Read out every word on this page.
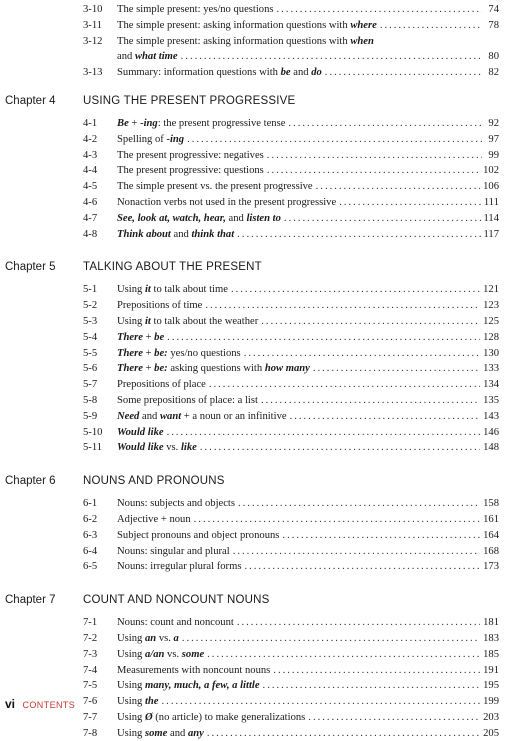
3-10	The simple present: yes/no questions .....	74
3-11	The simple present: asking information questions with where .....	78
3-12	The simple present: asking information questions with when
and what time .....	80
3-13	Summary: information questions with be and do .....	82
Chapter 4 USING THE PRESENT PROGRESSIVE
4-1	Be + -ing: the present progressive tense .....	92
4-2	Spelling of -ing .....	97
4-3	The present progressive: negatives .....	99
4-4	The present progressive: questions .....	102
4-5	The simple present vs. the present progressive .....	106
4-6	Nonaction verbs not used in the present progressive .....	111
4-7	See, look at, watch, hear, and listen to .....	114
4-8	Think about and think that .....	117
Chapter 5 TALKING ABOUT THE PRESENT
5-1	Using it to talk about time .....	121
5-2	Prepositions of time .....	123
5-3	Using it to talk about the weather .....	125
5-4	There + be .....	128
5-5	There + be: yes/no questions .....	130
5-6	There + be: asking questions with how many .....	133
5-7	Prepositions of place .....	134
5-8	Some prepositions of place: a list .....	135
5-9	Need and want + a noun or an infinitive .....	143
5-10	Would like .....	146
5-11	Would like vs. like .....	148
Chapter 6 NOUNS AND PRONOUNS
6-1	Nouns: subjects and objects .....	158
6-2	Adjective + noun .....	161
6-3	Subject pronouns and object pronouns .....	164
6-4	Nouns: singular and plural .....	168
6-5	Nouns: irregular plural forms .....	173
Chapter 7 COUNT AND NONCOUNT NOUNS
7-1	Nouns: count and noncount .....	181
7-2	Using an vs. a .....	183
7-3	Using a/an vs. some .....	185
7-4	Measurements with noncount nouns .....	191
7-5	Using many, much, a few, a little .....	195
7-6	Using the .....	199
7-7	Using Ø (no article) to make generalizations .....	203
7-8	Using some and any .....	205
vi CONTENTS
